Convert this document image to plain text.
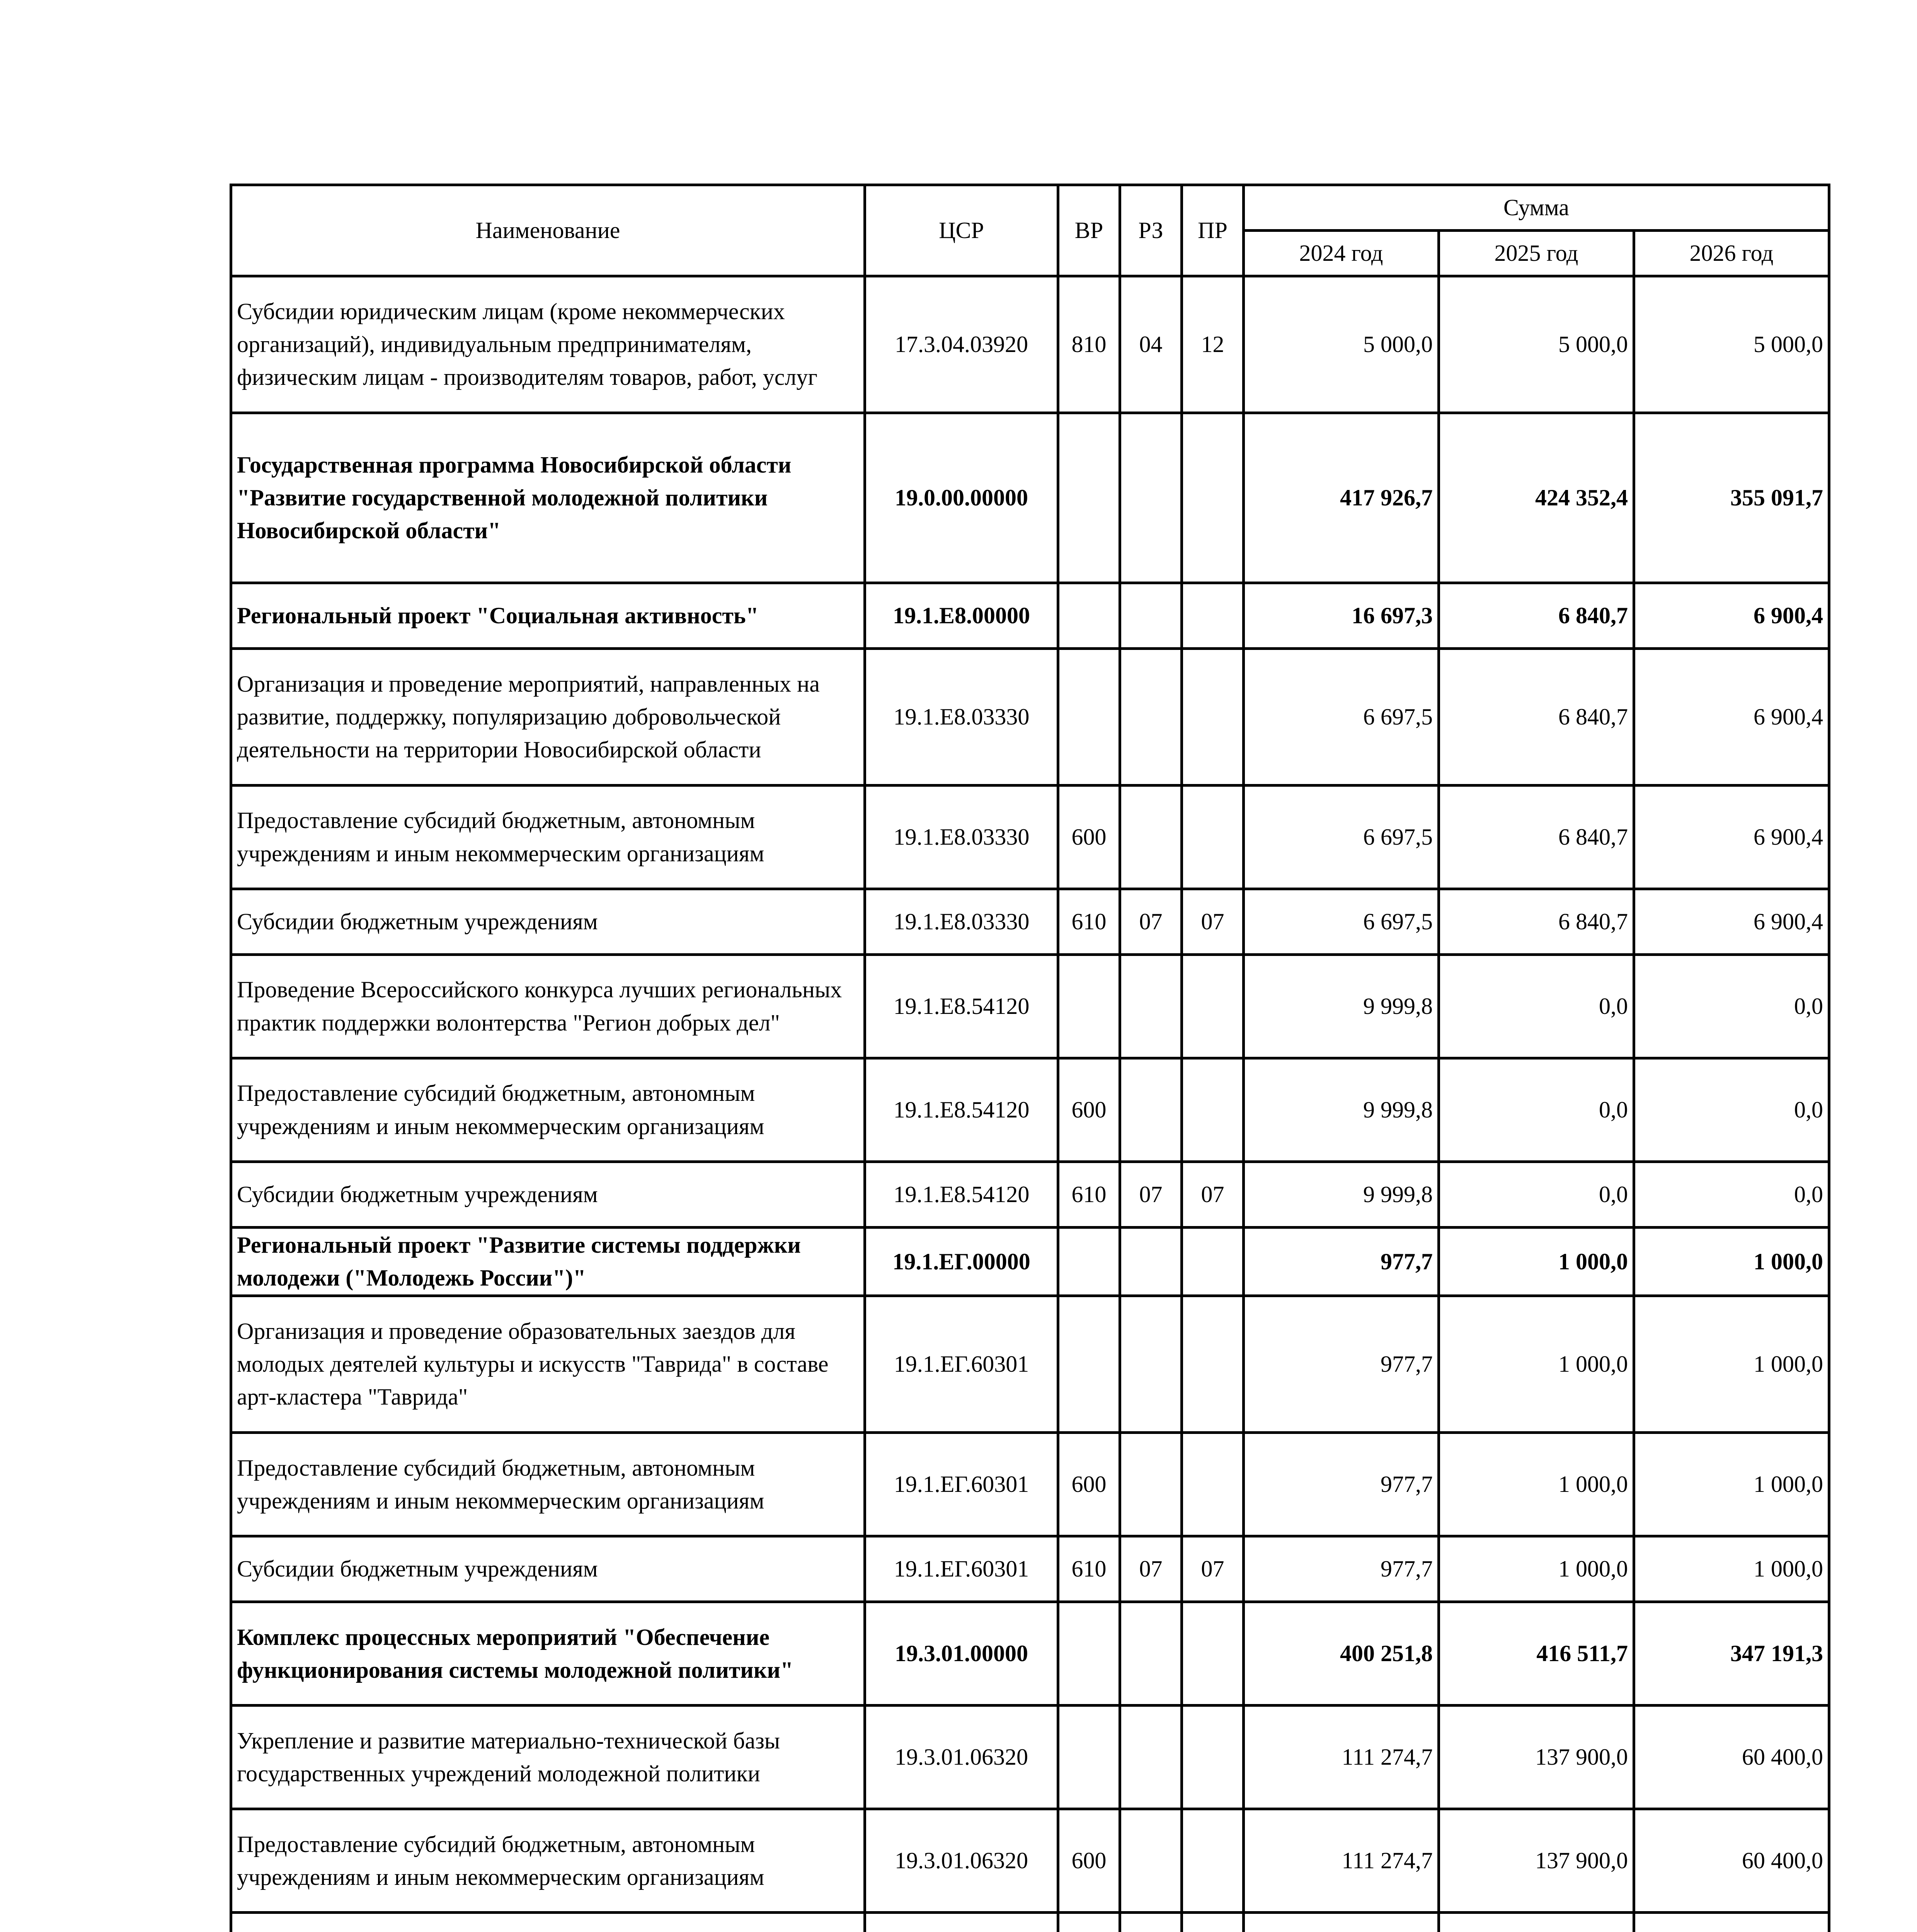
Наименование	ЦСР	ВР	РЗ	ПР	Сумма		
					2024 год	2025 год	2026 год
Субсидии юридическим лицам (кроме некоммерческих организаций), индивидуальным предпринимателям, физическим лицам - производителям товаров, работ, услуг	17.3.04.03920	810	04	12	5 000,0	5 000,0	5 000,0
Государственная программа Новосибирской области "Развитие государственной молодежной политики Новосибирской области"	19.0.00.00000				417 926,7	424 352,4	355 091,7
Региональный проект "Социальная активность"	19.1.E8.00000				16 697,3	6 840,7	6 900,4
Организация и проведение мероприятий, направленных на развитие, поддержку, популяризацию добровольческой деятельности на территории Новосибирской области	19.1.E8.03330				6 697,5	6 840,7	6 900,4
Предоставление субсидий бюджетным, автономным учреждениям и иным некоммерческим организациям	19.1.E8.03330	600			6 697,5	6 840,7	6 900,4
Субсидии бюджетным учреждениям	19.1.E8.03330	610	07	07	6 697,5	6 840,7	6 900,4
Проведение Всероссийского конкурса лучших региональных практик поддержки волонтерства "Регион добрых дел"	19.1.E8.54120				9 999,8	0,0	0,0
Предоставление субсидий бюджетным, автономным учреждениям и иным некоммерческим организациям	19.1.E8.54120	600			9 999,8	0,0	0,0
Субсидии бюджетным учреждениям	19.1.E8.54120	610	07	07	9 999,8	0,0	0,0
Региональный проект "Развитие системы поддержки молодежи ("Молодежь России")"	19.1.EГ.00000				977,7	1 000,0	1 000,0
Организация и проведение образовательных заездов для молодых деятелей культуры и искусств "Таврида" в составе арт-кластера "Таврида"	19.1.EГ.60301				977,7	1 000,0	1 000,0
Предоставление субсидий бюджетным, автономным учреждениям и иным некоммерческим организациям	19.1.EГ.60301	600			977,7	1 000,0	1 000,0
Субсидии бюджетным учреждениям	19.1.EГ.60301	610	07	07	977,7	1 000,0	1 000,0
Комплекс процессных мероприятий "Обеспечение функционирования системы молодежной политики"	19.3.01.00000				400 251,8	416 511,7	347 191,3
Укрепление и развитие материально-технической базы государственных учреждений молодежной политики	19.3.01.06320				111 274,7	137 900,0	60 400,0
Предоставление субсидий бюджетным, автономным учреждениям и иным некоммерческим организациям	19.3.01.06320	600			111 274,7	137 900,0	60 400,0
